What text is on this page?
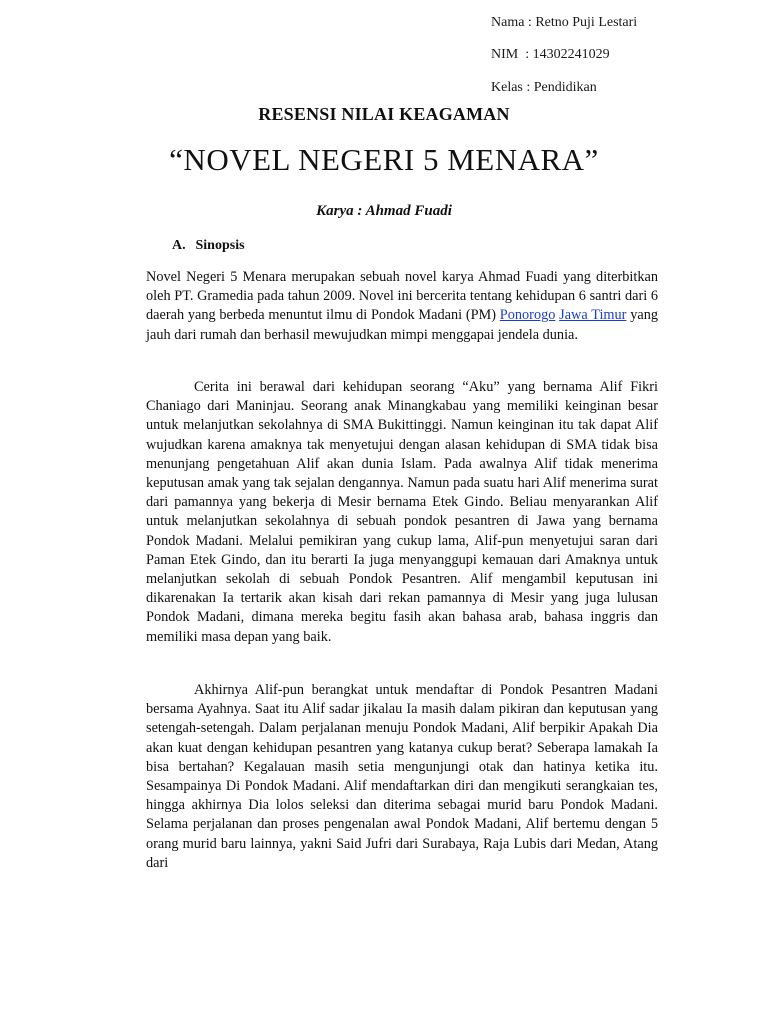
Nama : Retno Puji Lestari
NIM  : 14302241029
Kelas : Pendidikan
RESENSI NILAI KEAGAMAN
“NOVEL NEGERI 5 MENARA”
Karya : Ahmad Fuadi
A. Sinopsis

Novel Negeri 5 Menara merupakan sebuah novel karya Ahmad Fuadi yang diterbitkan oleh PT. Gramedia pada tahun 2009. Novel ini bercerita tentang kehidupan 6 santri dari 6 daerah yang berbeda menuntut ilmu di Pondok Madani (PM) Ponorogo Jawa Timur yang jauh dari rumah dan berhasil mewujudkan mimpi menggapai jendela dunia.

Cerita ini berawal dari kehidupan seorang “Aku” yang bernama Alif Fikri Chaniago dari Maninjau. Seorang anak Minangkabau yang memiliki keinginan besar untuk melanjutkan sekolahnya di SMA Bukittinggi. Namun keinginan itu tak dapat Alif wujudkan karena amaknya tak menyetujui dengan alasan kehidupan di SMA tidak bisa menunjang pengetahuan Alif akan dunia Islam. Pada awalnya Alif tidak menerima keputusan amak yang tak sejalan dengannya. Namun pada suatu hari Alif menerima surat dari pamannya yang bekerja di Mesir bernama Etek Gindo. Beliau menyarankan Alif untuk melanjutkan sekolahnya di sebuah pondok pesantren di Jawa yang bernama Pondok Madani. Melalui pemikiran yang cukup lama, Alif-pun menyetujui saran dari Paman Etek Gindo, dan itu berarti Ia juga menyanggupi kemauan dari Amaknya untuk melanjutkan sekolah di sebuah Pondok Pesantren. Alif mengambil keputusan ini dikarenakan Ia tertarik akan kisah dari rekan pamannya di Mesir yang juga lulusan Pondok Madani, dimana mereka begitu fasih akan bahasa arab, bahasa inggris dan memiliki masa depan yang baik.

Akhirnya Alif-pun berangkat untuk mendaftar di Pondok Pesantren Madani bersama Ayahnya. Saat itu Alif sadar jikalau Ia masih dalam pikiran dan keputusan yang setengah-setengah. Dalam perjalanan menuju Pondok Madani, Alif berpikir Apakah Dia akan kuat dengan kehidupan pesantren yang katanya cukup berat? Seberapa lamakah Ia bisa bertahan? Kegalauan masih setia mengunjungi otak dan hatinya ketika itu. Sesampainya Di Pondok Madani. Alif mendaftarkan diri dan mengikuti serangkaian tes, hingga akhirnya Dia lolos seleksi dan diterima sebagai murid baru Pondok Madani. Selama perjalanan dan proses pengenalan awal Pondok Madani, Alif bertemu dengan 5 orang murid baru lainnya, yakni Said Jufri dari Surabaya, Raja Lubis dari Medan, Atang dari
